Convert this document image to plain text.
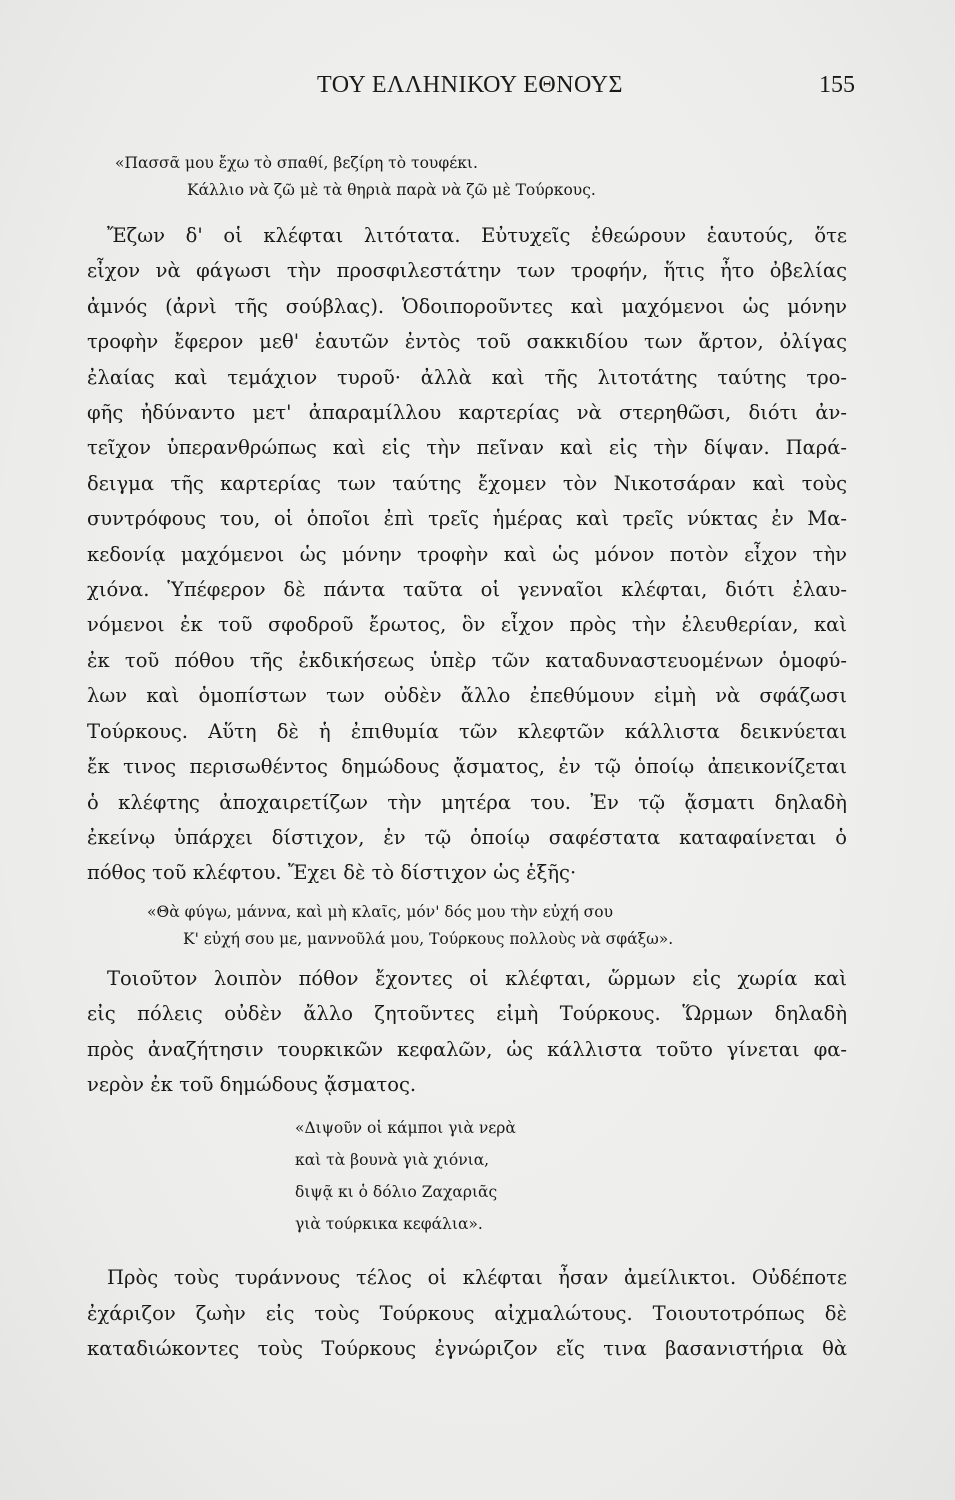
ΤΟΥ ΕΛΛΗΝΙΚΟΥ ΕΘΝΟΥΣ	155
«Πασσᾶ μου ἔχω τὸ σπαθί, βεζίρη τὸ τουφέκι.
Κάλλιο νὰ ζῶ μὲ τὰ θηριὰ παρὰ νὰ ζῶ μὲ Τούρκους.
Ἔζων δ' οἱ κλέφται λιτότατα. Εὐτυχεῖς ἐθεώρουν ἑαυτούς, ὅτε
εἶχον νὰ φάγωσι τὴν προσφιλεστάτην των τροφήν, ἥτις ἦτο ὀβελίας
ἀμνός (ἀρνὶ τῆς σούβλας). Ὁδοιποροῦντες καὶ μαχόμενοι ὡς μόνην
τροφὴν ἔφερον μεθ' ἑαυτῶν ἐντὸς τοῦ σακκιδίου των ἄρτον, ὀλίγας
ἐλαίας καὶ τεμάχιον τυροῦ· ἀλλὰ καὶ τῆς λιτοτάτης ταύτης τρο-
φῆς ἠδύναντο μετ' ἀπαραμίλλου καρτερίας νὰ στερηθῶσι, διότι ἀν-
τεῖχον ὑπερανθρώπως καὶ εἰς τὴν πεῖναν καὶ εἰς τὴν δίψαν. Παρά-
δειγμα τῆς καρτερίας των ταύτης ἔχομεν τὸν Νικοτσάραν καὶ τοὺς
συντρόφους του, οἱ ὁποῖοι ἐπὶ τρεῖς ἡμέρας καὶ τρεῖς νύκτας ἐν Μα-
κεδονίᾳ μαχόμενοι ὡς μόνην τροφὴν καὶ ὡς μόνον ποτὸν εἶχον τὴν
χιόνα. Ὑπέφερον δὲ πάντα ταῦτα οἱ γενναῖοι κλέφται, διότι ἐλαυ-
νόμενοι ἐκ τοῦ σφοδροῦ ἔρωτος, ὃν εἶχον πρὸς τὴν ἐλευθερίαν, καὶ
ἐκ τοῦ πόθου τῆς ἐκδικήσεως ὑπὲρ τῶν καταδυναστευομένων ὁμοφύ-
λων καὶ ὁμοπίστων των οὐδὲν ἄλλο ἐπεθύμουν εἰμὴ νὰ σφάζωσι
Τούρκους. Αὕτη δὲ ἡ ἐπιθυμία τῶν κλεφτῶν κάλλιστα δεικνύεται
ἔκ τινος περισωθέντος δημώδους ᾄσματος, ἐν τῷ ὁποίῳ ἀπεικονίζεται
ὁ κλέφτης ἀποχαιρετίζων τὴν μητέρα του. Ἐν τῷ ᾄσματι δηλαδὴ
ἐκείνῳ ὑπάρχει δίστιχον, ἐν τῷ ὁποίῳ σαφέστατα καταφαίνεται ὁ
πόθος τοῦ κλέφτου. Ἔχει δὲ τὸ δίστιχον ὡς ἑξῆς·
«Θὰ φύγω, μάννα, καὶ μὴ κλαῖς, μόν' δός μου τὴν εὐχή σου
Κ' εὐχή σου με, μαννοῦλά μου, Τούρκους πολλοὺς νὰ σφάξω».
Τοιοῦτον λοιπὸν πόθον ἔχοντες οἱ κλέφται, ὥρμων εἰς χωρία καὶ
εἰς πόλεις οὐδὲν ἄλλο ζητοῦντες εἰμὴ Τούρκους. Ὥρμων δηλαδὴ
πρὸς ἀναζήτησιν τουρκικῶν κεφαλῶν, ὡς κάλλιστα τοῦτο γίνεται φα-
νερὸν ἐκ τοῦ δημώδους ᾄσματος.
«Διψοῦν οἱ κάμποι γιὰ νερὰ
καὶ τὰ βουνὰ γιὰ χιόνια,
διψᾷ κι ὁ δόλιο Ζαχαριᾶς
γιὰ τούρκικα κεφάλια».
Πρὸς τοὺς τυράννους τέλος οἱ κλέφται ἦσαν ἀμείλικτοι. Οὐδέποτε
ἐχάριζον ζωὴν εἰς τοὺς Τούρκους αἰχμαλώτους. Τοιουτοτρόπως δὲ
καταδιώκοντες τοὺς Τούρκους ἐγνώριζον εἴς τινα βασανιστήρια θὰ
